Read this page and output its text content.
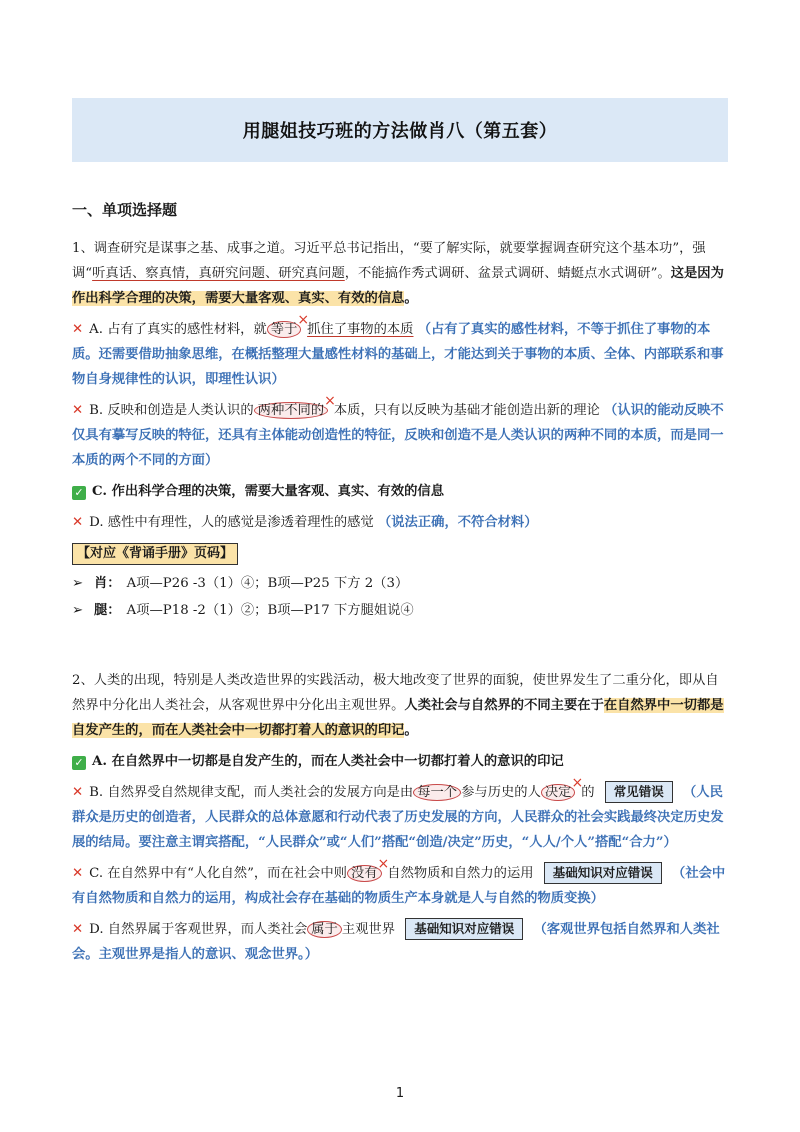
用腿姐技巧班的方法做肖八（第五套）
一、单项选择题

1、调查研究是谋事之基、成事之道。习近平总书记指出，“要了解实际，就要掌握调查研究这个基本功”，强调“听真话、察真情，真研究问题、研究真问题，不能搞作秀式调研、盆景式调研、蜻蜓点水式调研”。这是因为作出科学合理的决策，需要大量客观、真实、有效的信息。

✕ A. 占有了真实的感性材料，就 等于×抓住了事物的本质 （占有了真实的感性材料，不等于抓住了事物的本质。还需要借助抽象思维，在概括整理大量感性材料的基础上，才能达到关于事物的本质、全体、内部联系和事物自身规律性的认识，即理性认识）

✕ B. 反映和创造是人类认识的 两种不同的×本质，只有以反映为基础才能创造出新的理论 （认识的能动反映不仅具有摹写反映的特征，还具有主体能动创造性的特征，反映和创造不是人类认识的两种不同的本质，而是同一本质的两个不同的方面）

✓ C. 作出科学合理的决策，需要大量客观、真实、有效的信息

✕ D. 感性中有理性，人的感觉是渗透着理性的感觉 （说法正确，不符合材料）

【对应《背诵手册》页码】

➢ 肖： A项—P26 -3（1）④；B项—P25 下方 2（3）

➢ 腿： A项—P18 -2（1）②；B项—P17 下方腿姐说④

2、人类的出现，特别是人类改造世界的实践活动，极大地改变了世界的面貌，使世界发生了二重分化，即从自然界中分化出人类社会，从客观世界中分化出主观世界。人类社会与自然界的不同主要在于在自然界中一切都是自发产生的，而在人类社会中一切都打着人的意识的印记。

✓ A. 在自然界中一切都是自发产生的，而在人类社会中一切都打着人的意识的印记

✕ B. 自然界受自然规律支配，而人类社会的发展方向是由 每一个 参与历史的人 决定×的 常见错误 （人民群众是历史的创造者，人民群众的总体意愿和行动代表了历史发展的方向，人民群众的社会实践最终决定历史发展的结局。要注意主谓宾搭配，“人民群众”或“人们”搭配“创造/决定”历史，“人人/个人”搭配“合力”）

✕ C. 在自然界中有“人化自然”，而在社会中则 没有×自然物质和自然力的运用 基础知识对应错误 （社会中有自然物质和自然力的运用，构成社会存在基础的物质生产本身就是人与自然的物质变换）

✕ D. 自然界属于客观世界，而人类社会 属于 主观世界 基础知识对应错误 （客观世界包括自然界和人类社会。主观世界是指人的意识、观念世界。）

1
